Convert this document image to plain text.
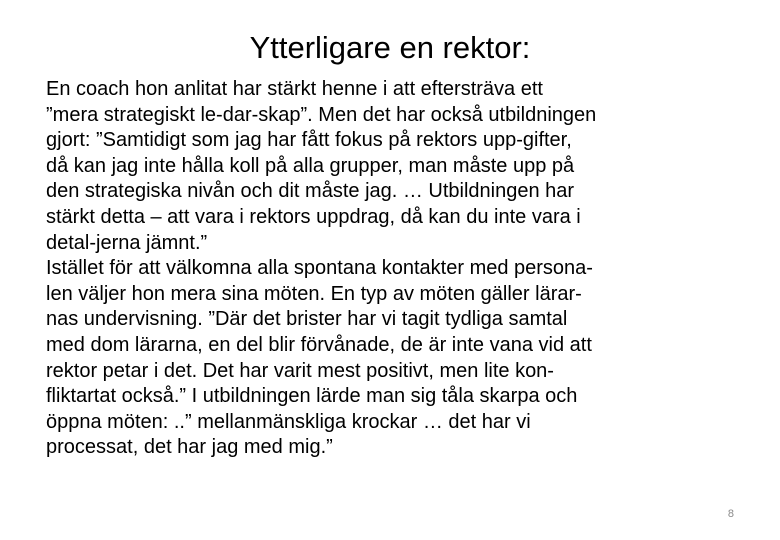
Ytterligare en rektor:

En coach hon anlitat har stärkt henne i att eftersträva ett
”mera strategiskt le-dar-skap”. Men det har också utbildningen
gjort: ”Samtidigt som jag har fått fokus på rektors upp-gifter,
då kan jag inte hålla koll på alla grupper, man måste upp på
den strategiska nivån och dit måste jag. … Utbildningen har
stärkt detta – att vara i rektors uppdrag, då kan du inte vara i
detal-jerna jämnt.”

Istället för att välkomna alla spontana kontakter med persona-
len väljer hon mera sina möten. En typ av möten gäller lärar-
nas undervisning. ”Där det brister har vi tagit tydliga samtal
med dom lärarna, en del blir förvånade, de är inte vana vid att
rektor petar i det. Det har varit mest positivt, men lite kon-
fliktartat också.” I utbildningen lärde man sig tåla skarpa och
öppna möten: ..” mellanmänskliga krockar … det har vi
processat, det har jag med mig.”

8
